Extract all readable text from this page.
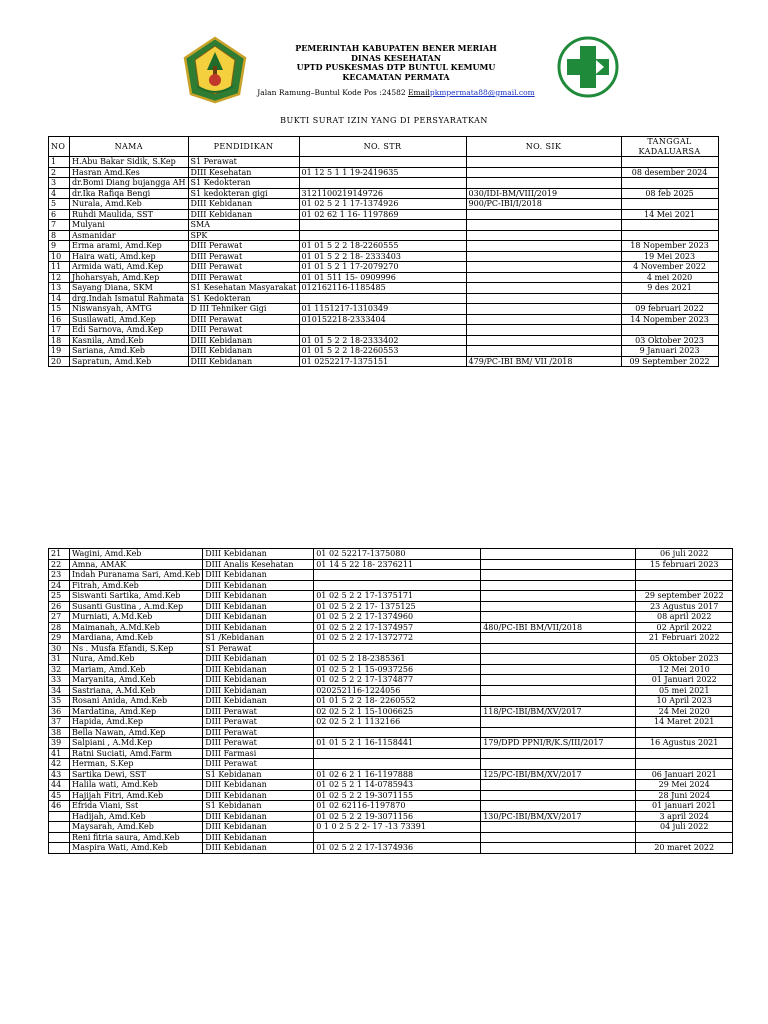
PEMERINTAH KABUPATEN BENER MERIAH
DINAS KESEHATAN
UPTD PUSKESMAS DTP BUNTUL KEMUMU
KECAMATAN PERMATA
Jalan Ramung–Buntul Kode Pos :24582 Emailpkmpermata88@gmail.com
BUKTI SURAT IZIN YANG DI PERSYARATKAN
NO	NAMA	PENDIDIKAN	NO. STR	NO. SIK	TANGGAL KADALUARSA
1	H.Abu Bakar Sidik, S.Kep	S1 Perawat			
2	Hasran Amd.Kes	DIII Kesehatan	01 12 5 1 1 19-2419635		08 desember 2024
3	dr.Bomi Diang bujangga AH	S1 Kedokteran			
4	dr.Ika Rafiqa Bengi	S1 kedokteran gigi	3121100219149726	030/IDI-BM/VIII/2019	08 feb 2025
5	Nurala, Amd.Keb	DIII Kebidanan	01 02 5 2 1 17-1374926	900/PC-IBI/I/2018	
6	Ruhdi Maulida, SST	DIII Kebidanan	01 02 62 1 16- 1197869		14 Mei 2021
7	Mulyani	SMA			
8	Asmanidar	SPK			
9	Erma arami, Amd.Kep	DIII Perawat	01 01 5 2 2 18-2260555		18 Nopember 2023
10	Haira wati, Amd.kep	DIII Perawat	01 01 5 2 2 18- 2333403		19 Mei 2023
11	Armida wati, Amd.Kep	DIII Perawat	01 01 5 2 1 17-2079270		4 November 2022
12	Jhoharsyah, Amd.Kep	DIII Perawat	01 01 511 15- 0909996		4 mei 2020
13	Sayang Diana, SKM	S1 Kesehatan Masyarakat	012162116-1185485		9 des 2021
14	drg.Indah Ismatul Rahmata	S1 Kedokteran			
15	Niswansyah, AMTG	D III Tehniker Gigi	01 1151217-1310349		09 februari 2022
16	Susilawati, Amd.Kep	DIII Perawat	010152218-2333404		14 Nopember 2023
17	Edi Sarnova, Amd.Kep	DIII Perawat			
18	Kasnila, Amd.Keb	DIII Kebidanan	01 01 5 2 2 18-2333402		03 Oktober 2023
19	Sariana, Amd.Keb	DIII Kebidanan	01 01 5 2 2 18-2260553		9 Januari 2023
20	Sapratun, Amd.Keb	DIII Kebidanan	01 0252217-1375151	479/PC-IBI BM/ VII /2018	09 September 2022
21	Wagini, Amd.Keb	DIII Kebidanan	01 02 52217-1375080		06 juli 2022
22	Amna, AMAK	DIII Analis Kesehatan	01 14 5 22 18- 2376211		15 februari 2023
23	Indah Puranama Sari, Amd.Keb	DIII Kebidanan			
24	Fitrah, Amd.Keb	DIII Kebidanan			
25	Siswanti Sartika, Amd.Keb	DIII Kebidanan	01 02 5 2 2 17-1375171		29 september 2022
26	Susanti Gustina , A.md.Kep	DIII Kebidanan	01 02 5 2 2 17- 1375125		23 Agustus 2017
27	Murniati, A.Md.Keb	DIII Kebidanan	01 02 5 2 2 17-1374960		08 april 2022
28	Maimanah, A.Md.Keb	DIII Kebidanan	01 02 5 2 2 17-1374957	480/PC-IBI BM/VII/2018	02 April 2022
29	Mardiana, Amd.Keb	S1 /Kebidanan	01 02 5 2 2 17-1372772		21 Februari 2022
30	Ns . Musfa Efandi, S.Kep	S1 Perawat			
31	Nura, Amd.Keb	DIII Kebidanan	01 02 5 2 18-2385361		05 Oktober 2023
32	Mariam, Amd.Keb	DIII Kebidanan	01 02 5 2 1 15-0937256		12 Mei 2010
33	Maryanita, Amd.Keb	DIII Kebidanan	01 02 5 2 2 17-1374877		01 Januari 2022
34	Sastriana, A.Md.Keb	DIII Kebidanan	020252116-1224056		05 mei 2021
35	Rosani Anida, Amd.Keb	DIII Kebidanan	01 01 5 2 2 18- 2260552		10 April 2023
36	Mardatina, Amd.Kep	DIII Perawat	02 02 5 2 1 15-1006625	118/PC-IBI/BM/XV/2017	24 Mei 2020
37	Hapida, Amd.Kep	DIII Perawat	02 02 5 2 1 1132166		14 Maret 2021
38	Bella Nawan, Amd.Kep	DIII Perawat			
39	Salpiani , A.Md.Kep	DIII Perawat	01 01 5 2 1 16-1158441	179/DPD PPNI/R/K.S/III/2017	16 Agustus 2021
41	Ratni Suciati, Amd.Farm	DIII Farmasi			
42	Herman, S.Kep	DIII Perawat			
43	Sartika Dewi, SST	S1 Kebidanan	01 02 6 2 1 16-1197888	125/PC-IBI/BM/XV/2017	06 Januari 2021
44	Halila wati, Amd.Keb	DIII Kebidanan	01 02 5 2 1 14-0785943		29 Mei 2024
45	Hajijah Fitri, Amd.Keb	DIII Kebidanan	01 02 5 2 2 19-3071155		28 Juni 2024
46	Efrida Viani, Sst	S1 Kebidanan	01 02 62116-1197870		01 januari 2021
	Hadijah, Amd.Keb	DIII Kebidanan	01 02 5 2 2 19-3071156	130/PC-IBI/BM/XV/2017	3 april 2024
	Maysarah, Amd.Keb	DIII Kebidanan	0 1 0 2 5 2 2- 17 -13 73391		04 juli 2022
	Reni fitria saura, Amd.Keb	DIII Kebidanan			
	Maspira Wati, Amd.Keb	DIII Kebidanan	01 02 5 2 2 17-1374936		20 maret 2022
